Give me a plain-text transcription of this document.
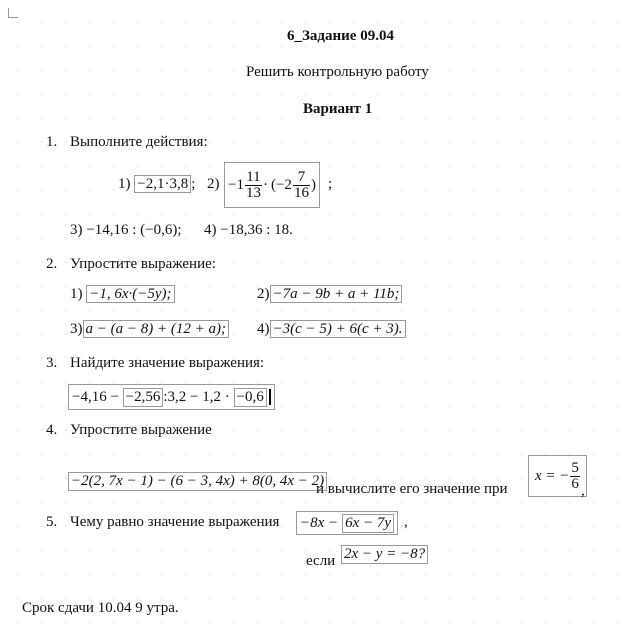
6_Задание 09.04
Решить контрольную работу
Вариант 1
1. Выполните действия:
1) −2,1·3,8 ; $2) -1 \frac{11}{13} \cdot (-2 \frac{7}{16}$ ) ;
3) −14,16 : (−0,6);      4) −18,36 : 18.
2. Упростите выражение:
1) −1, 6x·(−5y);	2) −7a − 9b + a + 11b;
3) a − (a − 8) + (12 + a); 4) −3(c − 5) + 6(c + 3).
3. Найдите значение выражения:
−4,16 − −2,56 :3,2 − 1,2 · −0,6
4. Упростите выражение
−2(2, 7x − 1) − (6 − 3, 4x) + 8(0, 4x − 2)
и вычислите его значение при
x = − $\frac{5}{6}$ ,
5. Чему равно значение выражения −8x − 6x − 7y ,
если 2x − y = −8?
Срок сдачи 10.04 9 утра.
